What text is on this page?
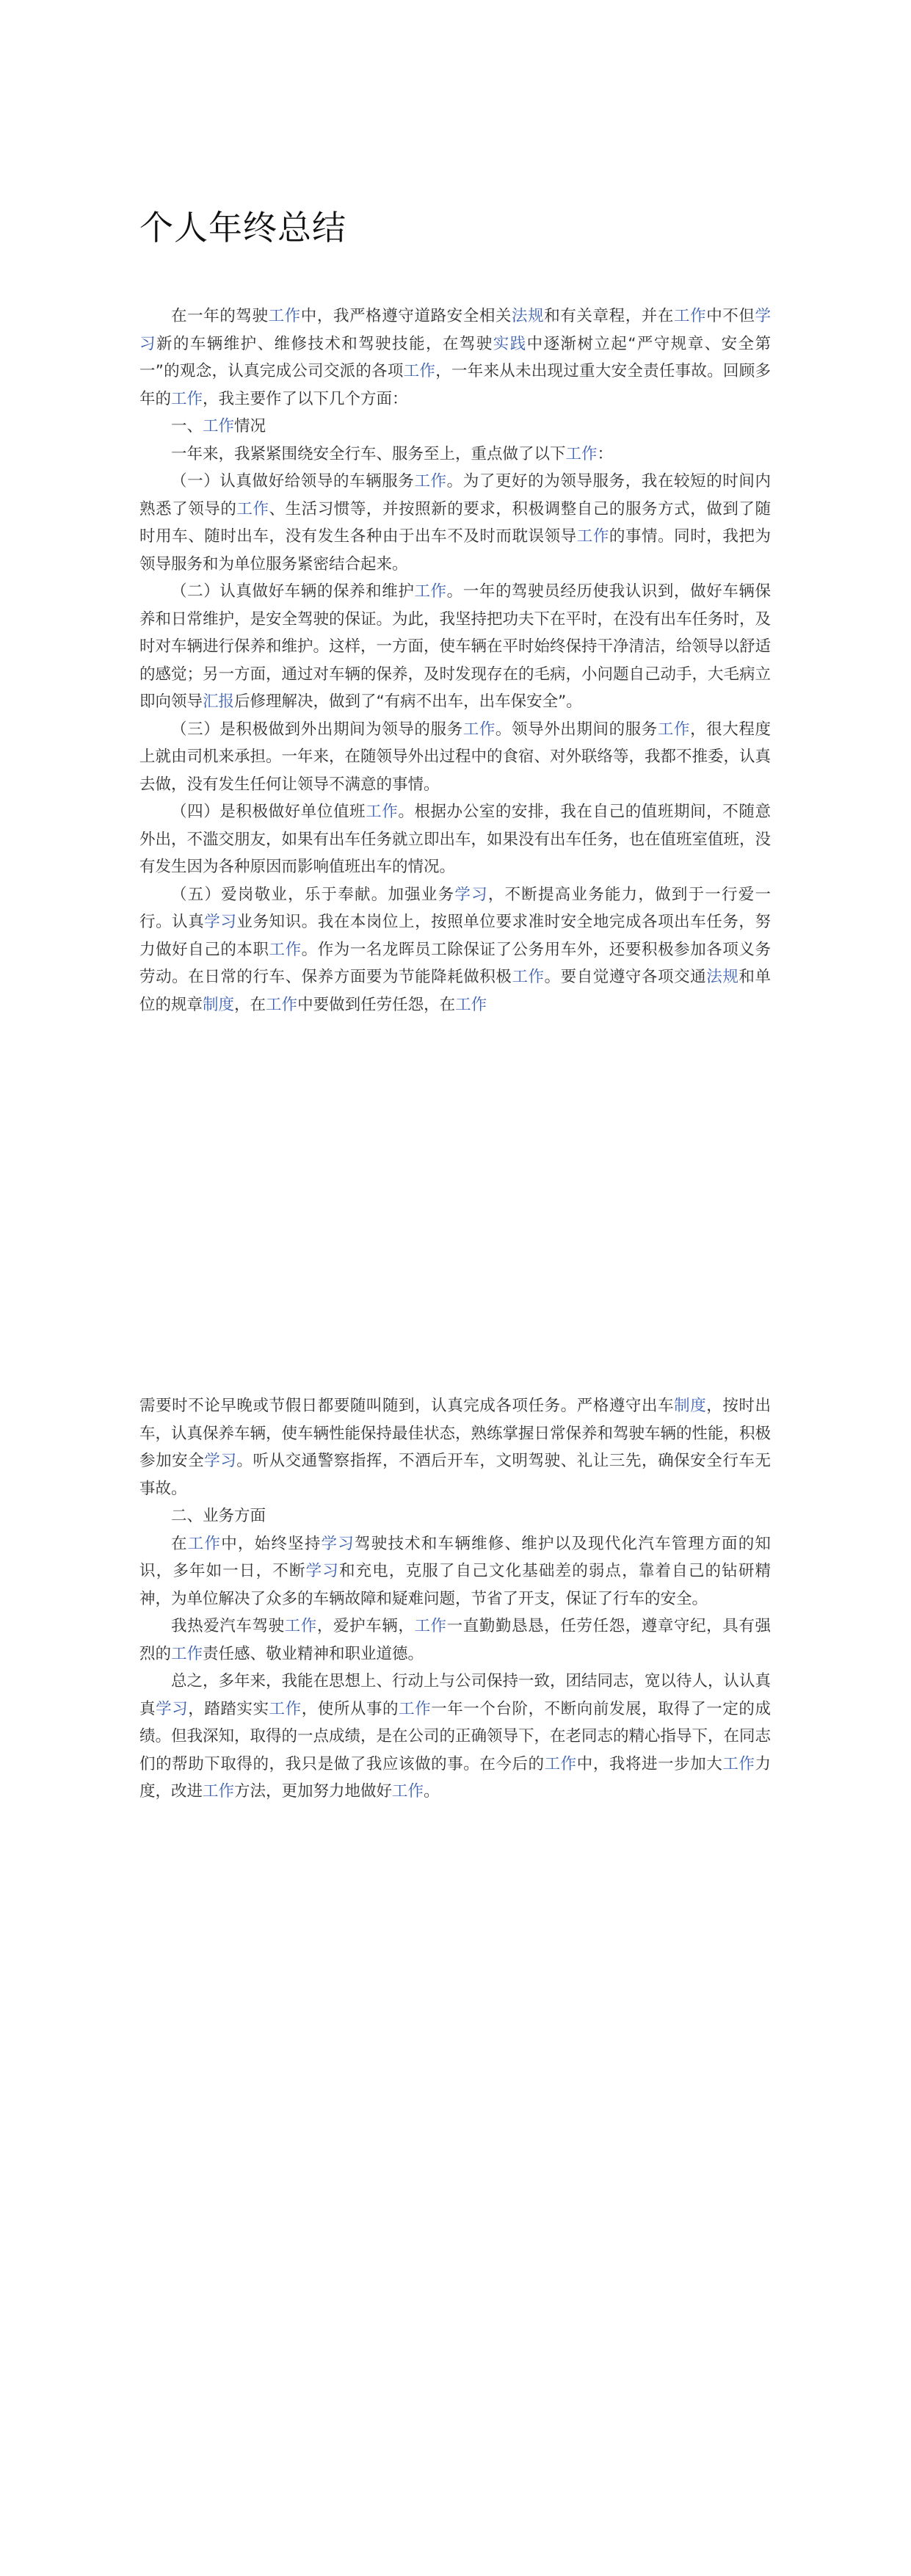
个人年终总结

在一年的驾驶工作中，我严格遵守道路安全相关法规和有关章程，并在工作中不但学习新的车辆维护、维修技术和驾驶技能，在驾驶实践中逐渐树立起“严守规章、安全第一”的观念，认真完成公司交派的各项工作，一年来从未出现过重大安全责任事故。回顾多年的工作，我主要作了以下几个方面：

一、工作情况

一年来，我紧紧围绕安全行车、服务至上，重点做了以下工作：

（一）认真做好给领导的车辆服务工作。为了更好的为领导服务，我在较短的时间内熟悉了领导的工作、生活习惯等，并按照新的要求，积极调整自己的服务方式，做到了随时用车、随时出车，没有发生各种由于出车不及时而耽误领导工作的事情。同时，我把为领导服务和为单位服务紧密结合起来。

（二）认真做好车辆的保养和维护工作。一年的驾驶员经历使我认识到，做好车辆保养和日常维护，是安全驾驶的保证。为此，我坚持把功夫下在平时，在没有出车任务时，及时对车辆进行保养和维护。这样，一方面，使车辆在平时始终保持干净清洁，给领导以舒适的感觉；另一方面，通过对车辆的保养，及时发现存在的毛病，小问题自己动手，大毛病立即向领导汇报后修理解决，做到了“有病不出车，出车保安全”。

（三）是积极做到外出期间为领导的服务工作。领导外出期间的服务工作，很大程度上就由司机来承担。一年来，在随领导外出过程中的食宿、对外联络等，我都不推委，认真去做，没有发生任何让领导不满意的事情。

（四）是积极做好单位值班工作。根据办公室的安排，我在自己的值班期间，不随意外出，不滥交朋友，如果有出车任务就立即出车，如果没有出车任务，也在值班室值班，没有发生因为各种原因而影响值班出车的情况。

（五）爱岗敬业，乐于奉献。加强业务学习，不断提高业务能力，做到于一行爱一行。认真学习业务知识。我在本岗位上，按照单位要求准时安全地完成各项出车任务，努力做好自己的本职工作。作为一名龙晖员工除保证了公务用车外，还要积极参加各项义务劳动。在日常的行车、保养方面要为节能降耗做积极工作。要自觉遵守各项交通法规和单位的规章制度，在工作中要做到任劳任怨，在工作

需要时不论早晚或节假日都要随叫随到，认真完成各项任务。严格遵守出车制度，按时出车，认真保养车辆，使车辆性能保持最佳状态，熟练掌握日常保养和驾驶车辆的性能，积极参加安全学习。听从交通警察指挥，不酒后开车，文明驾驶、礼让三先，确保安全行车无事故。

二、业务方面

在工作中，始终坚持学习驾驶技术和车辆维修、维护以及现代化汽车管理方面的知识，多年如一日，不断学习和充电，克服了自己文化基础差的弱点，靠着自己的钻研精神，为单位解决了众多的车辆故障和疑难问题，节省了开支，保证了行车的安全。

我热爱汽车驾驶工作，爱护车辆，工作一直勤勤恳恳，任劳任怨，遵章守纪，具有强烈的工作责任感、敬业精神和职业道德。

总之，多年来，我能在思想上、行动上与公司保持一致，团结同志，宽以待人，认认真真学习，踏踏实实工作，使所从事的工作一年一个台阶，不断向前发展，取得了一定的成绩。但我深知，取得的一点成绩，是在公司的正确领导下，在老同志的精心指导下，在同志们的帮助下取得的，我只是做了我应该做的事。在今后的工作中，我将进一步加大工作力度，改进工作方法，更加努力地做好工作。
